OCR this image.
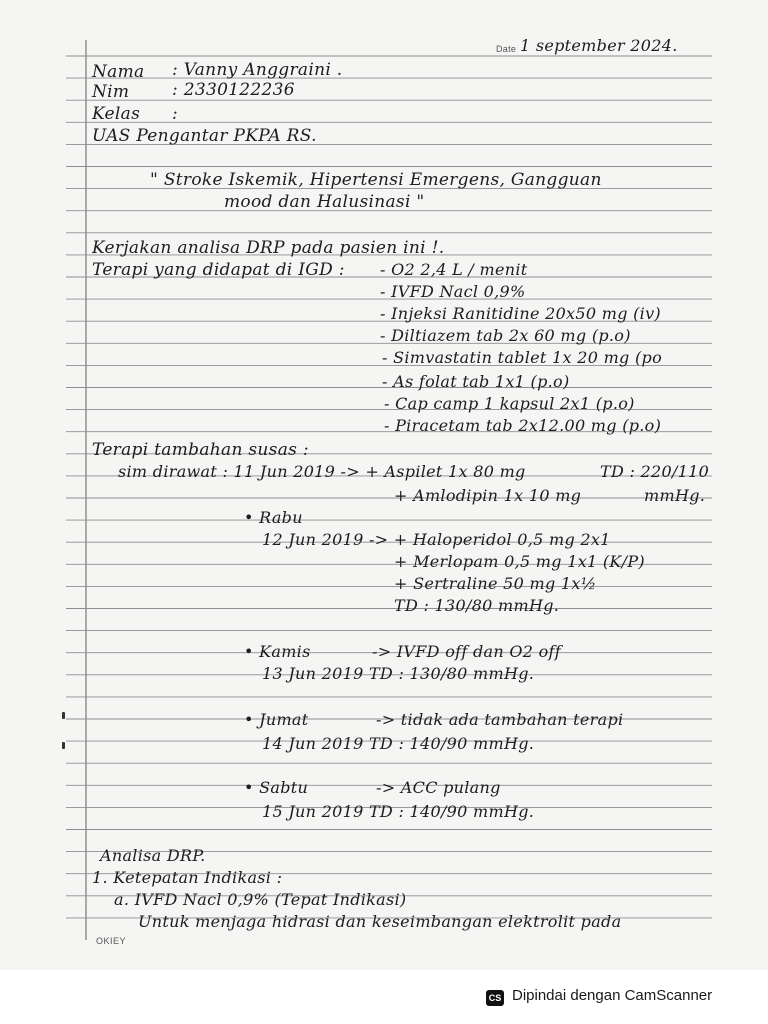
Date 1 september 2024.
Nama : Vanny Anggraini .
Nim	: 2330122236
Kelas :
UAS Pengantar PKPA RS.
" Stroke Iskemik, Hipertensi Emergens, Gangguan
mood dan Halusinasi "
Kerjakan analisa DRP pada pasien ini !.
Terapi yang didapat di IGD : - O2 2,4 L / menit
- IVFD Nacl 0,9%
- Injeksi Ranitidine 20x50 mg (iv)
- Diltiazem tab 2x 60 mg (p.o)
- Simvastatin tablet 1x 20 mg (po
- As folat tab 1x1 (p.o)
- Cap camp 1 kapsul 2x1 (p.o)
- Piracetam tab 2x12.00 mg (p.o)
Terapi tambahan susas :
sim dirawat : 11 Jun 2019 -> + Aspilet 1x 80 mg	TD : 220/110
+ Amlodipin 1x 10 mg	mmHg.
• Rabu
12 Jun 2019 -> + Haloperidol 0,5 mg 2x1
+ Merlopam 0,5 mg 1x1 (K/P)
+ Sertraline 50 mg 1x½
TD : 130/80 mmHg.
• Kamis	-> IVFD off dan O2 off
13 Jun 2019 TD : 130/80 mmHg.
• Jumat	-> tidak ada tambahan terapi
14 Jun 2019 TD : 140/90 mmHg.
• Sabtu	-> ACC pulang
15 Jun 2019 TD : 140/90 mmHg.
Analisa DRP.
1. Ketepatan Indikasi :
a. IVFD Nacl 0,9% (Tepat Indikasi)
Untuk menjaga hidrasi dan keseimbangan elektrolit pada
OKIEY
CS Dipindai dengan CamScanner
